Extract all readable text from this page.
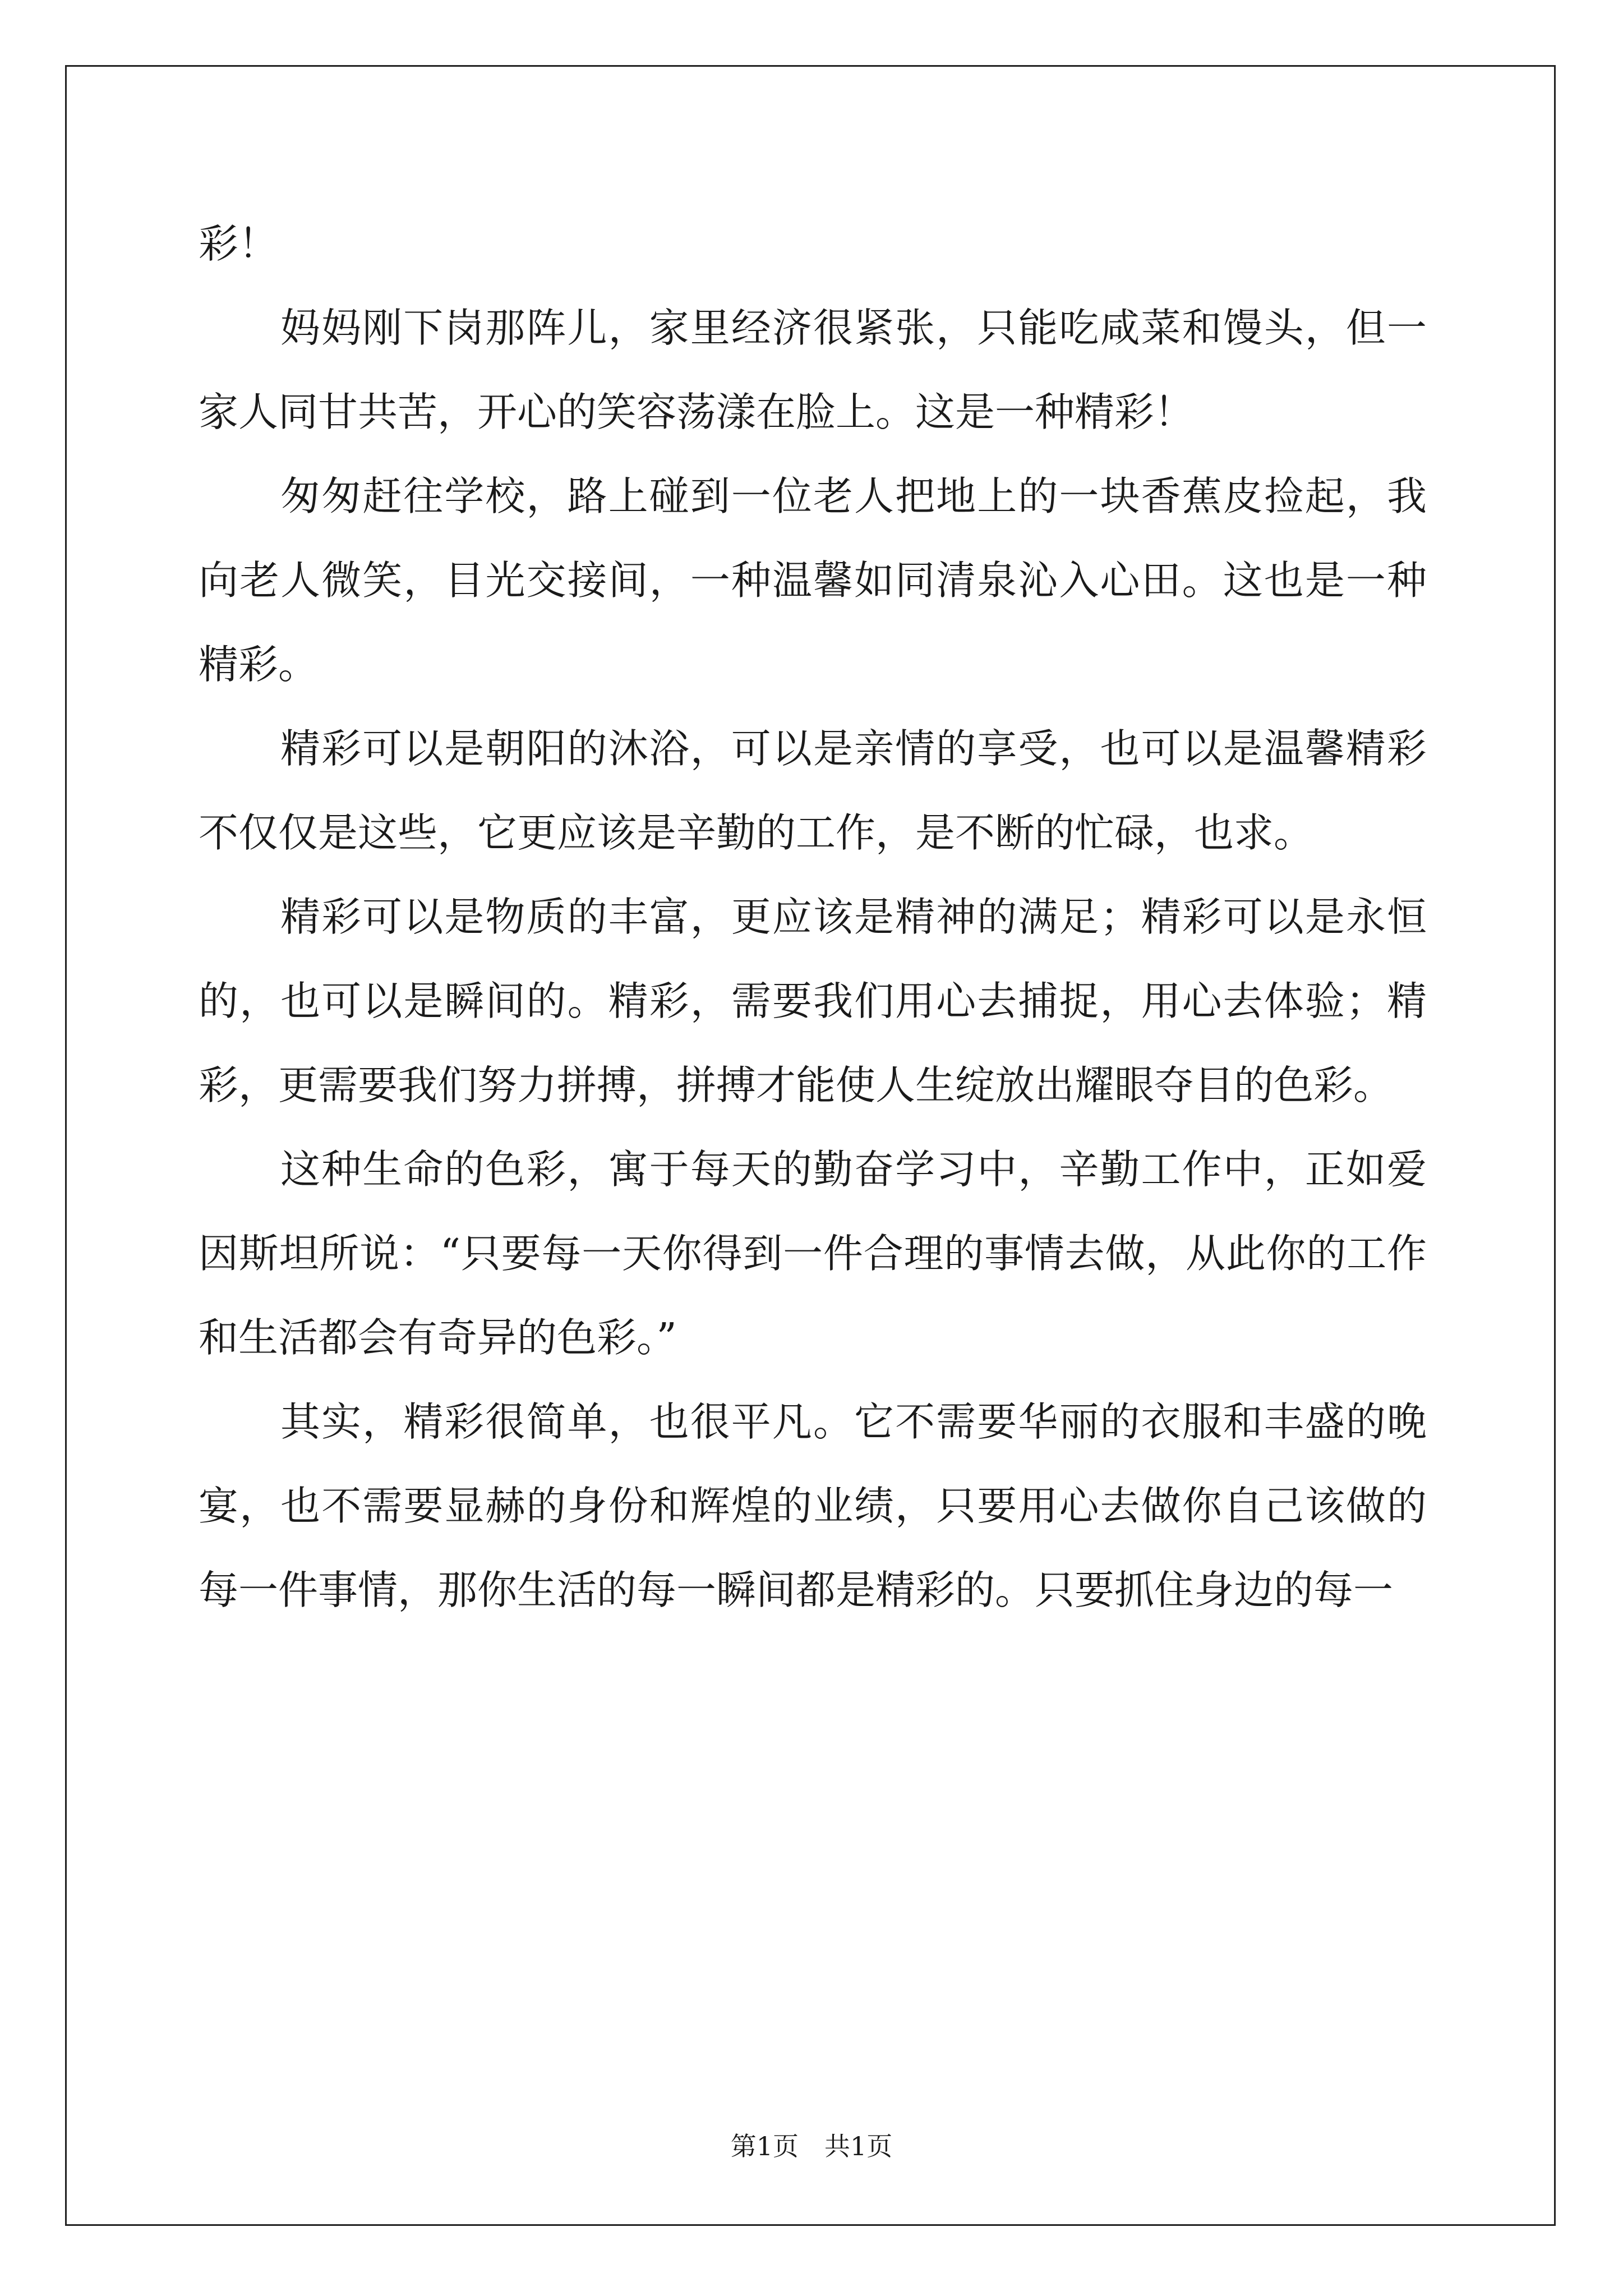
彩！

妈妈刚下岗那阵儿，家里经济很紧张，只能吃咸菜和馒头，但一家人同甘共苦，开心的笑容荡漾在脸上。这是一种精彩！

匆匆赶往学校，路上碰到一位老人把地上的一块香蕉皮捡起，我向老人微笑，目光交接间，一种温馨如同清泉沁入心田。这也是一种精彩。

精彩可以是朝阳的沐浴，可以是亲情的享受，也可以是温馨精彩不仅仅是这些，它更应该是辛勤的工作，是不断的忙碌，也求。

精彩可以是物质的丰富，更应该是精神的满足；精彩可以是永恒的，也可以是瞬间的。精彩，需要我们用心去捕捉，用心去体验；精彩，更需要我们努力拼搏，拼搏才能使人生绽放出耀眼夺目的色彩。

这种生命的色彩，寓于每天的勤奋学习中，辛勤工作中，正如爱因斯坦所说：“只要每一天你得到一件合理的事情去做，从此你的工作和生活都会有奇异的色彩。”

其实，精彩很简单，也很平凡。它不需要华丽的衣服和丰盛的晚宴，也不需要显赫的身份和辉煌的业绩，只要用心去做你自己该做的每一件事情，那你生活的每一瞬间都是精彩的。只要抓住身边的每一

第1页　共1页
